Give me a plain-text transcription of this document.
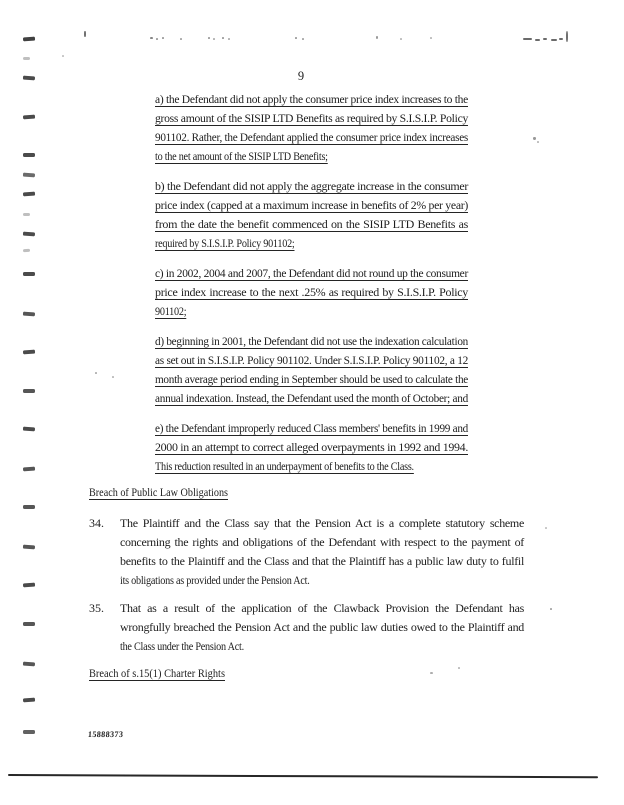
9
a) the Defendant did not apply the consumer price index increases to the
gross amount of the SISIP LTD Benefits as required by S.I.S.I.P. Policy
901102. Rather, the Defendant applied the consumer price index increases
to the net amount of the SISIP LTD Benefits;
b) the Defendant did not apply the aggregate increase in the consumer
price index (capped at a maximum increase in benefits of 2% per year)
from the date the benefit commenced on the SISIP LTD Benefits as
required by S.I.S.I.P. Policy 901102;
c) in 2002, 2004 and 2007, the Defendant did not round up the consumer
price index increase to the next .25% as required by S.I.S.I.P. Policy
901102;
d) beginning in 2001, the Defendant did not use the indexation calculation
as set out in S.I.S.I.P. Policy 901102. Under S.I.S.I.P. Policy 901102, a 12
month average period ending in September should be used to calculate the
annual indexation. Instead, the Defendant used the month of October; and
e) the Defendant improperly reduced Class members' benefits in 1999 and
2000 in an attempt to correct alleged overpayments in 1992 and 1994.
This reduction resulted in an underpayment of benefits to the Class.
Breach of Public Law Obligations
34. The Plaintiff and the Class say that the Pension Act is a complete statutory scheme
concerning the rights and obligations of the Defendant with respect to the payment of
benefits to the Plaintiff and the Class and that the Plaintiff has a public law duty to fulfil
its obligations as provided under the Pension Act.
35. That as a result of the application of the Clawback Provision the Defendant has
wrongfully breached the Pension Act and the public law duties owed to the Plaintiff and
the Class under the Pension Act.
Breach of s.15(1) Charter Rights
15888373
